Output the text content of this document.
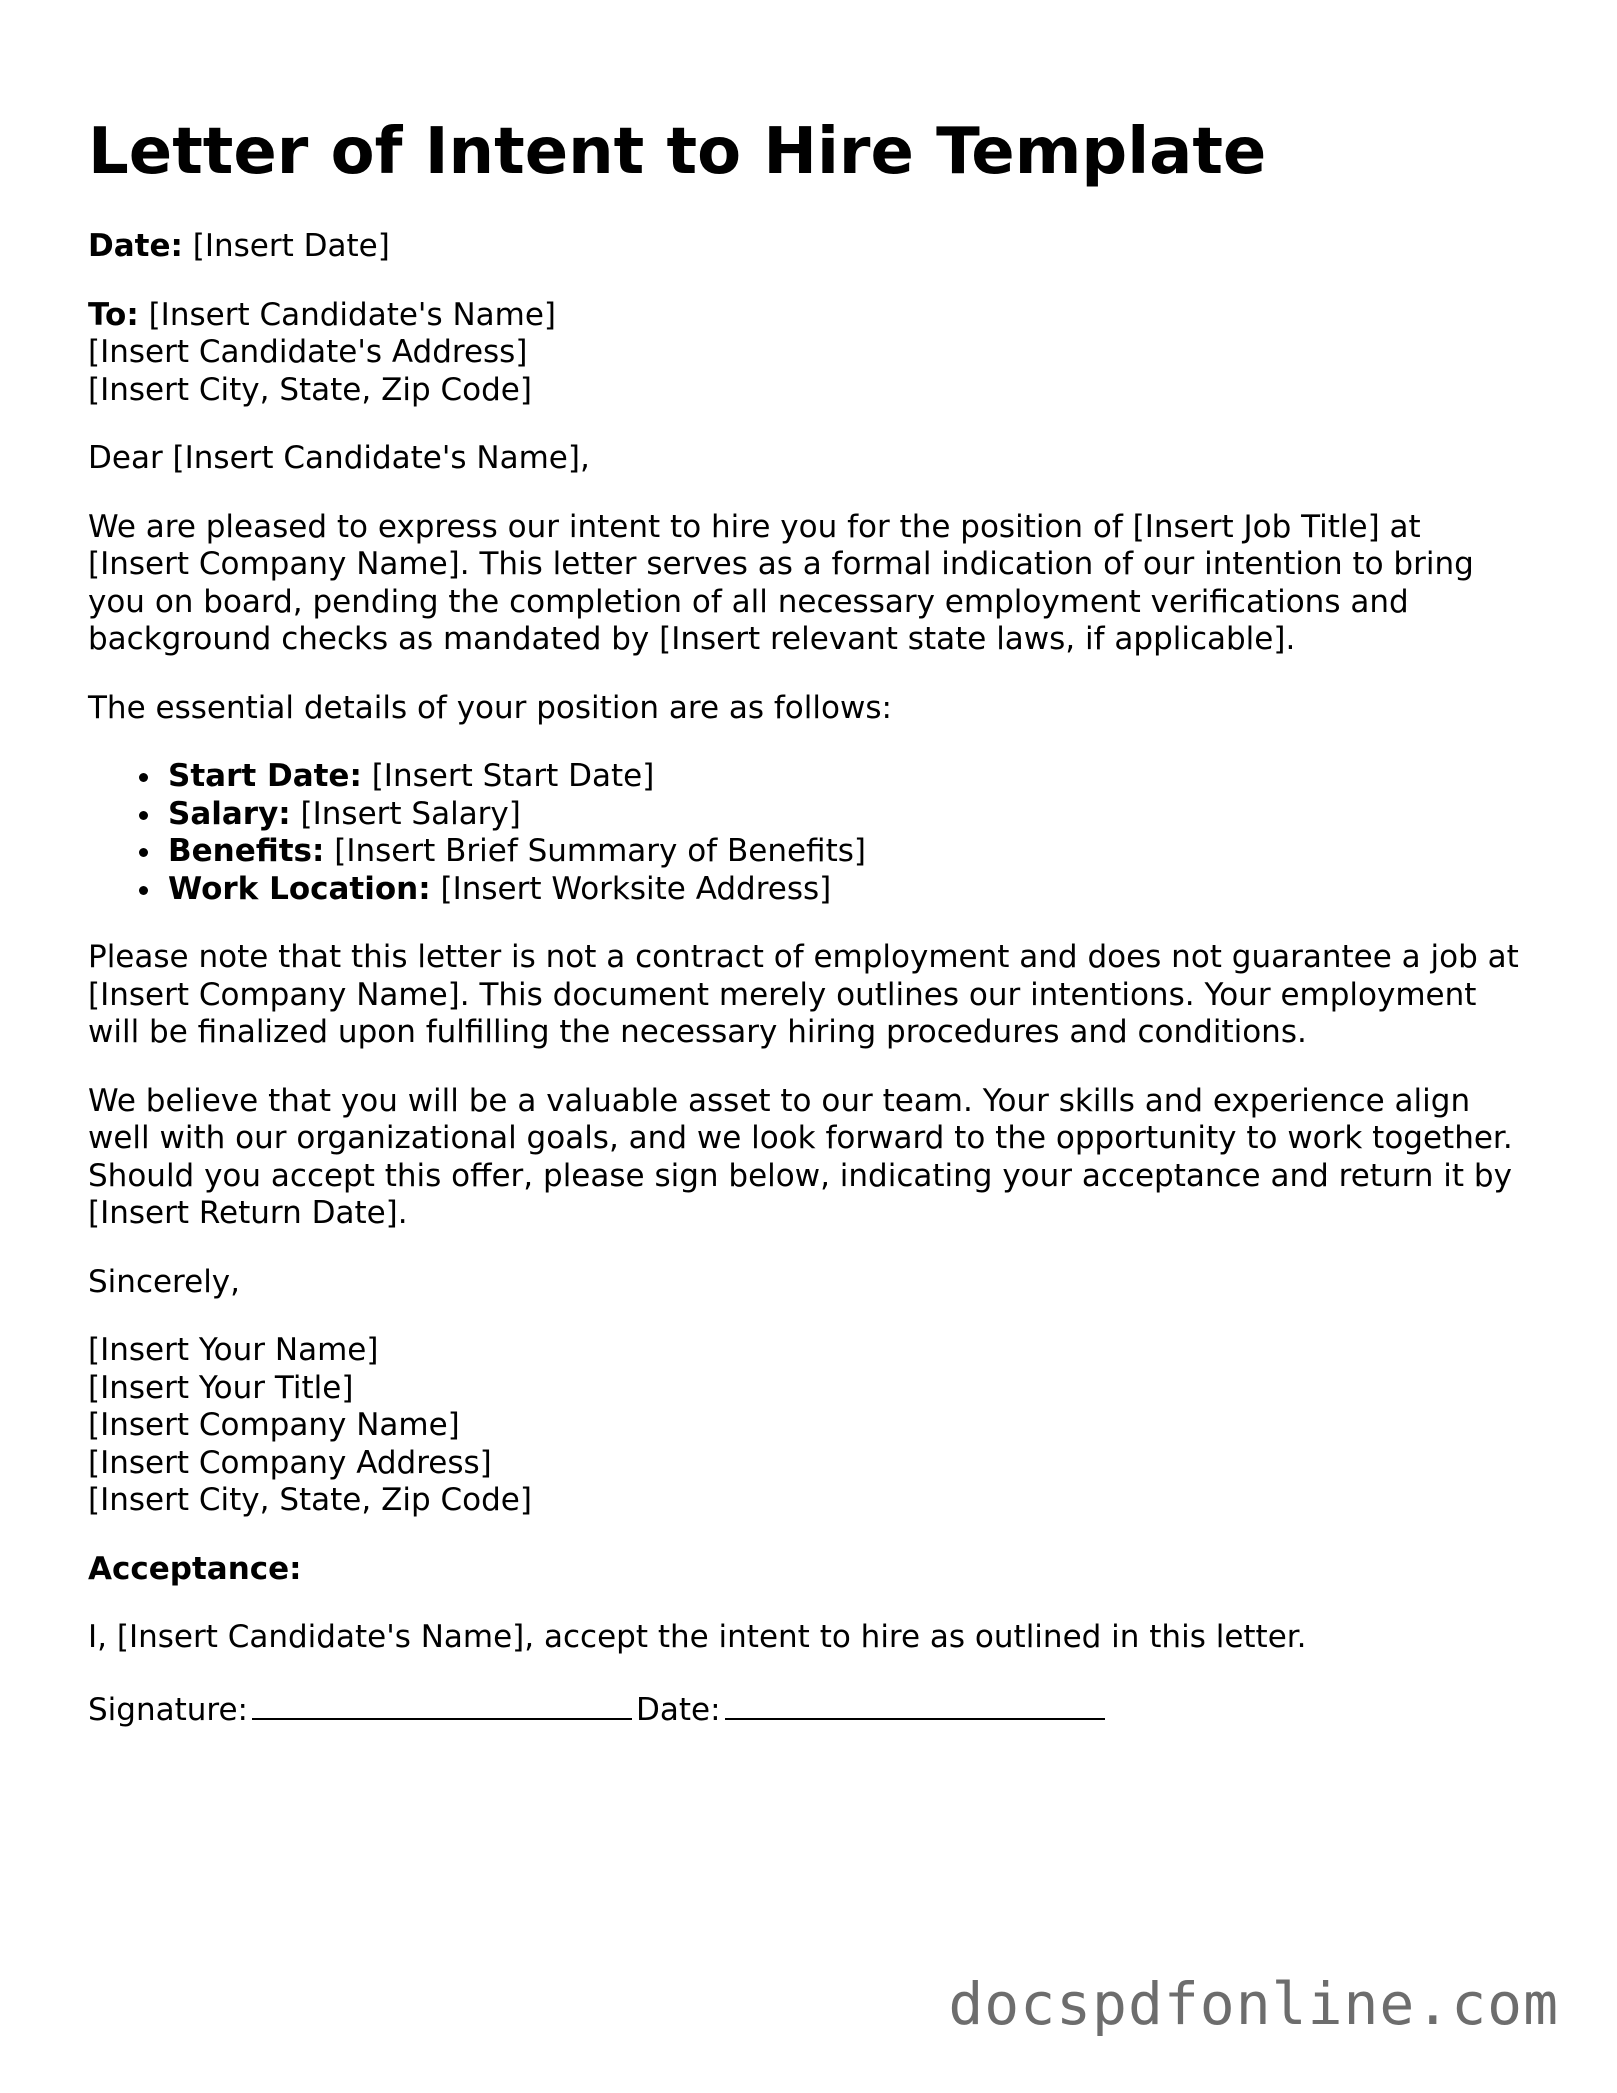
Letter of Intent to Hire Template

Date: [Insert Date]

To: [Insert Candidate's Name]
[Insert Candidate's Address]
[Insert City, State, Zip Code]

Dear [Insert Candidate's Name],

We are pleased to express our intent to hire you for the position of [Insert Job Title] at [Insert Company Name]. This letter serves as a formal indication of our intention to bring you on board, pending the completion of all necessary employment verifications and background checks as mandated by [Insert relevant state laws, if applicable].

The essential details of your position are as follows:

Start Date: [Insert Start Date]
Salary: [Insert Salary]
Benefits: [Insert Brief Summary of Benefits]
Work Location: [Insert Worksite Address]

Please note that this letter is not a contract of employment and does not guarantee a job at [Insert Company Name]. This document merely outlines our intentions. Your employment will be finalized upon fulfilling the necessary hiring procedures and conditions.

We believe that you will be a valuable asset to our team. Your skills and experience align well with our organizational goals, and we look forward to the opportunity to work together. Should you accept this offer, please sign below, indicating your acceptance and return it by [Insert Return Date].

Sincerely,

[Insert Your Name]
[Insert Your Title]
[Insert Company Name]
[Insert Company Address]
[Insert City, State, Zip Code]

Acceptance:

I, [Insert Candidate's Name], accept the intent to hire as outlined in this letter.

Signature:	Date:

docspdfonline.com
